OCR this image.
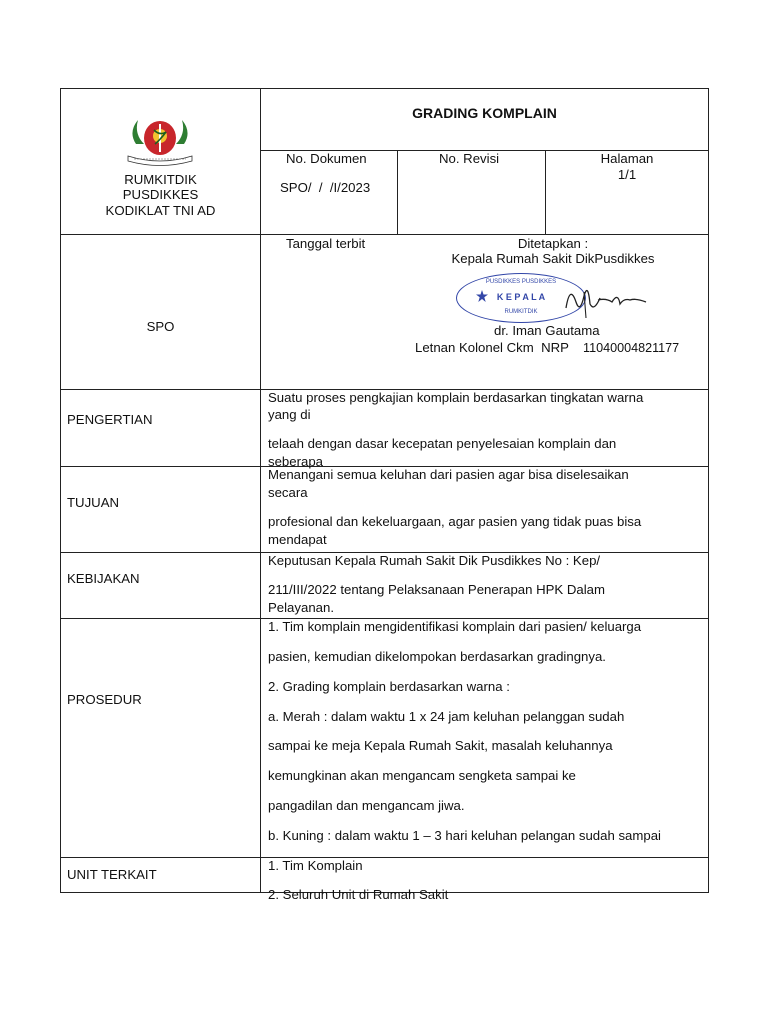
RUMKITDIK
PUSDIKKES
KODIKLAT TNI AD
GRADING KOMPLAIN
No. Dokumen
SPO/  /  /I/2023
No. Revisi	Halaman
1/1
SPO
Tanggal terbit	Ditetapkan :
Kepala Rumah Sakit DikPusdikkes
PUSDIKKES PUSDIKKES
K E P A L A
RUMKITDIK
dr. Iman Gautama
Letnan Kolonel Ckm  NRP 11040004821177
PENGERTIAN
Suatu proses pengkajian komplain berdasarkan tingkatan warna
yang di
telaah dengan dasar kecepatan penyelesaian komplain dan
seberapa
TUJUAN
Menangani semua keluhan dari pasien agar bisa diselesaikan
secara
profesional dan kekeluargaan, agar pasien yang tidak puas bisa
mendapat
KEBIJAKAN
Keputusan Kepala Rumah Sakit Dik Pusdikkes No : Kep/
211/III/2022 tentang Pelaksanaan Penerapan HPK Dalam
Pelayanan.
PROSEDUR
1. Tim komplain mengidentifikasi komplain dari pasien/ keluarga
pasien, kemudian dikelompokan berdasarkan gradingnya.
2. Grading komplain berdasarkan warna :
a. Merah : dalam waktu 1 x 24 jam keluhan pelanggan sudah
sampai ke meja Kepala Rumah Sakit, masalah keluhannya
kemungkinan akan mengancam sengketa sampai ke
pangadilan dan mengancam jiwa.
b. Kuning : dalam waktu 1 – 3 hari keluhan pelangan sudah sampai
UNIT TERKAIT
1. Tim Komplain
2. Seluruh Unit di Rumah Sakit
